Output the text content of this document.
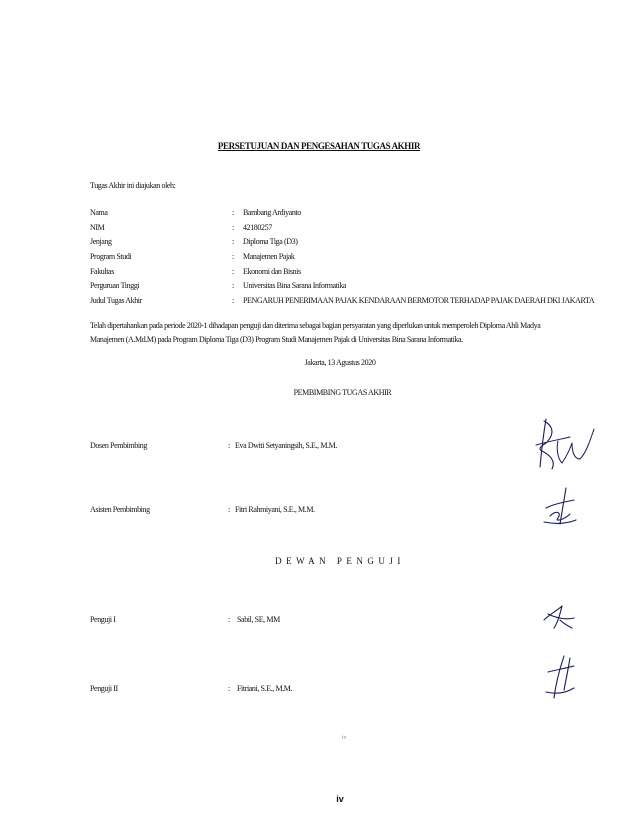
PERSETUJUAN DAN PENGESAHAN TUGAS AKHIR
Tugas Akhir ini diajukan oleh:
Nama	: Bambang Ardiyanto
NIM	: 42180257
Jenjang	: Diploma Tiga (D3)
Program Studi	: Manajemen Pajak
Fakultas	: Ekonomi dan Bisnis
Perguruan Tinggi	: Universitas Bina Sarana Informatika
Judul Tugas Akhir	: PENGARUH PENERIMAAN PAJAK KENDARAAN BERMOTOR TERHADAP PAJAK DAERAH DKI JAKARTA
Telah dipertahankan pada periode 2020-1 dihadapan penguji dan diterima sebagai bagian persyaratan yang diperlukan untuk memperoleh Diploma Ahli Madya Manajemen (A.Md.M) pada Program Diploma Tiga (D3) Program Studi Manajemen Pajak di Universitas Bina Sarana Informatika.
Jakarta, 13 Agustus 2020
PEMBIMBING TUGAS AKHIR
Dosen Pembimbing	: Eva Dwiti Setyaningsih, S.E., M.M.
Asisten Pembimbing	: Fitri Rahmiyani, S.E., M.M.
DEWAN PENGUJI
Penguji I	: Sabil, SE, MM
Penguji II	: Fitriani, S.E., M.M.
iv
iv
